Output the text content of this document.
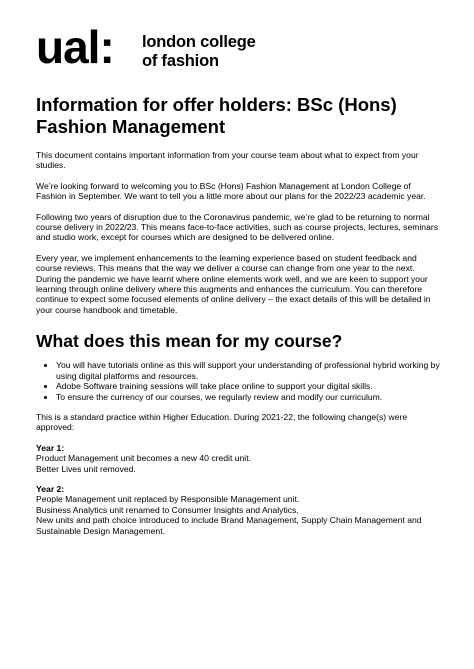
ual: london college
of fashion
Information for offer holders: BSc (Hons) Fashion Management

This document contains important information from your course team about what to expect from your studies.

We’re looking forward to welcoming you to BSc (Hons) Fashion Management at London College of Fashion in September. We want to tell you a little more about our plans for the 2022/23 academic year.

Following two years of disruption due to the Coronavirus pandemic, we’re glad to be returning to normal course delivery in 2022/23. This means face-to-face activities, such as course projects, lectures, seminars and studio work, except for courses which are designed to be delivered online.

Every year, we implement enhancements to the learning experience based on student feedback and course reviews. This means that the way we deliver a course can change from one year to the next. During the pandemic we have learnt where online elements work well, and we are keen to support your learning through online delivery where this augments and enhances the curriculum. You can therefore continue to expect some focused elements of online delivery – the exact details of this will be detailed in your course handbook and timetable.

What does this mean for my course?
• You will have tutorials online as this will support your understanding of professional hybrid working by using digital platforms and resources.
• Adobe Software training sessions will take place online to support your digital skills.
• To ensure the currency of our courses, we regularly review and modify our curriculum.

This is a standard practice within Higher Education. During 2021-22, the following change(s) were approved:

Year 1:

Product Management unit becomes a new 40 credit unit.

Better Lives unit removed.

Year 2:

People Management unit replaced by Responsible Management unit.

Business Analytics unit renamed to Consumer Insights and Analytics.

New units and path choice introduced to include Brand Management, Supply Chain Management and Sustainable Design Management.
